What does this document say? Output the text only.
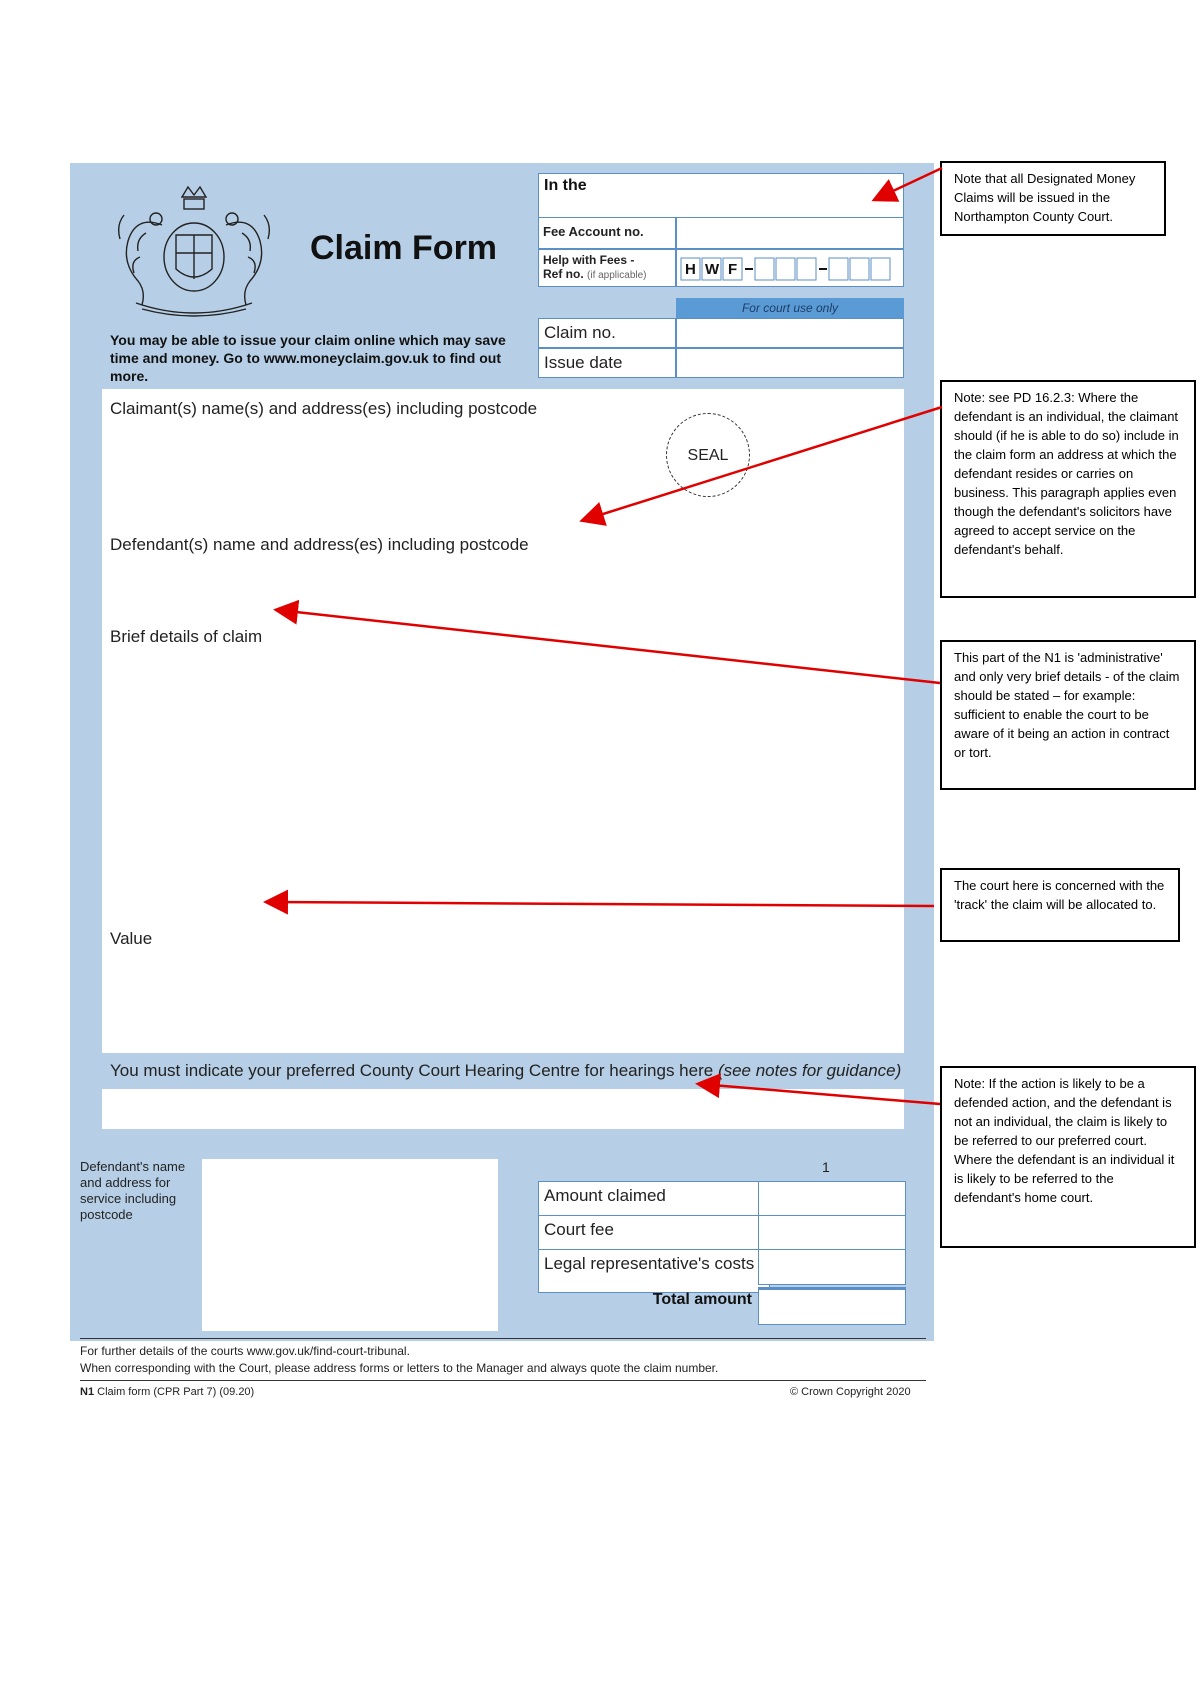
Claim Form
You may be able to issue your claim online which may save time and money. Go to www.moneyclaim.gov.uk to find out more.
In the
Fee Account no.
Help with Fees -
Ref no. (if applicable)	H W F
For court use only
Claim no.
Issue date
Claimant(s) name(s) and address(es) including postcode
Defendant(s) name and address(es) including postcode
Brief details of claim
Value
SEAL
You must indicate your preferred County Court Hearing Centre for hearings here (see notes for guidance)
Defendant's name and address for service including postcode
1
Amount claimed
Court fee
Legal representative's costs
Total amount
For further details of the courts www.gov.uk/find-court-tribunal.
When corresponding with the Court, please address forms or letters to the Manager and always quote the claim number.
N1 Claim form (CPR Part 7) (09.20)	© Crown Copyright 2020
Note that all Designated Money Claims will be issued in the Northampton County Court.
Note: see PD 16.2.3: Where the defendant is an individual, the claimant should (if he is able to do so) include in the claim form an address at which the defendant resides or carries on business. This paragraph applies even though the defendant's solicitors have agreed to accept service on the defendant's behalf.
This part of the N1 is 'administrative' and only very brief details - of the claim should be stated – for example: sufficient to enable the court to be aware of it being an action in contract or tort.
The court here is concerned with the 'track' the claim will be allocated to.
Note: If the action is likely to be a defended action, and the defendant is not an individual, the claim is likely to be referred to our preferred court. Where the defendant is an individual it is likely to be referred to the defendant's home court.
